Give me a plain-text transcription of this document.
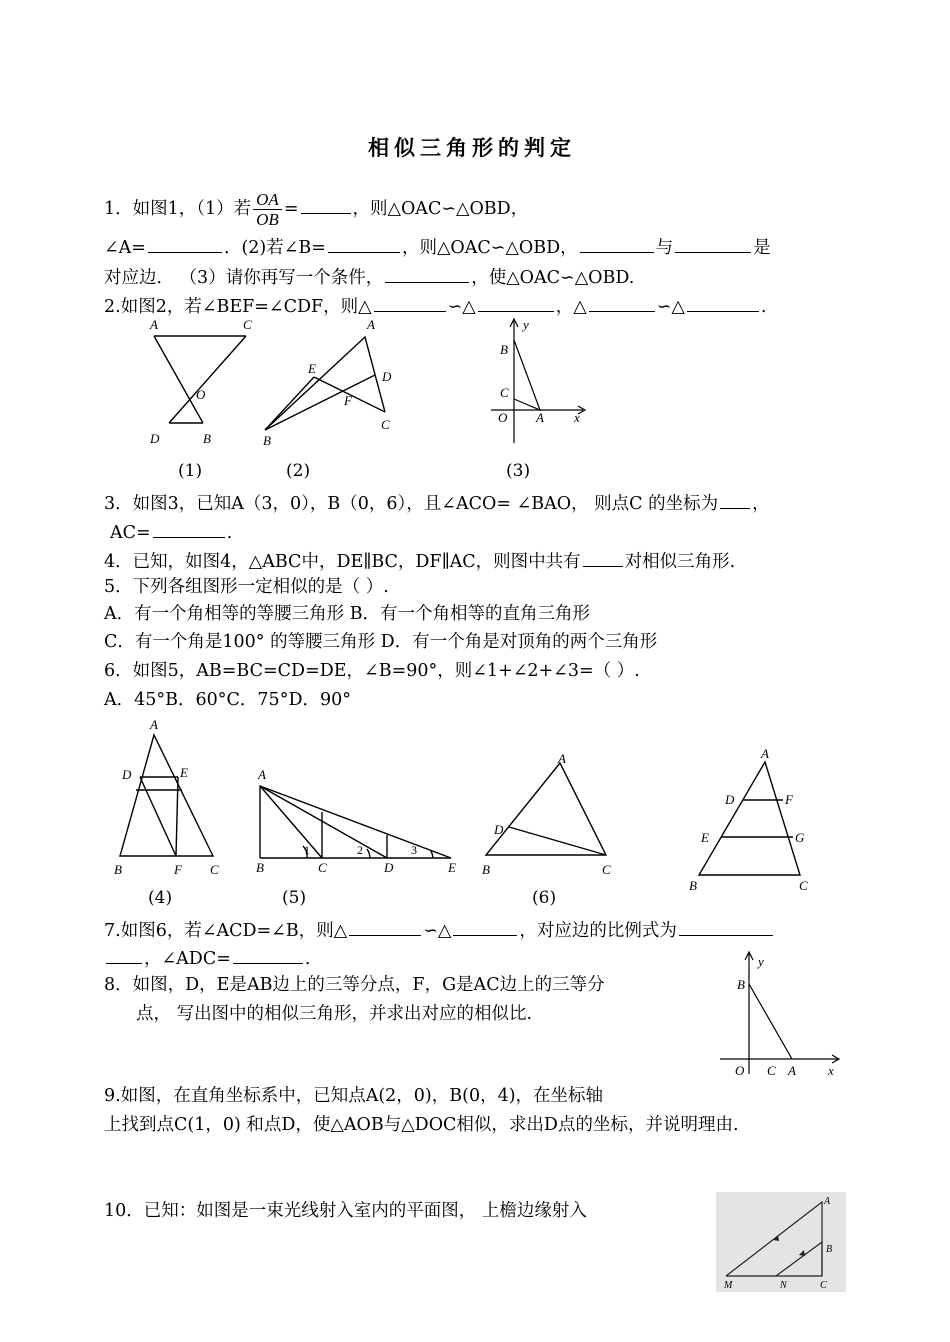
相似三角形的判定
1．如图1，（1）若 $\frac{OA}{OB}$ =	，则△OAC∽△OBD，
∠A=	．(2)若∠B=	，则△OAC∽△OBD，	与	是
对应边． （3）请你再写一个条件，	，使△OAC∽△OBD.
2.如图2，若∠BEF=∠CDF，则△	∽△	，△	∽△	.
A	C
O
D	B
A
E
D
F
B
C
y
B
C
O A x
(1)	(2)	(3)
3．如图3，已知A（3，0），B（0，6），且∠ACO= ∠BAO， 则点C 的坐标为 ，
AC=	.
4．已知，如图4，△ABC中，DE∥BC，DF∥AC，则图中共有	对相似三角形.
5．下列各组图形一定相似的是（ ）.
A．有一个角相等的等腰三角形 B．有一个角相等的直角三角形
C．有一个角是100° 的等腰三角形 D．有一个角是对顶角的两个三角形
6．如图5，AB=BC=CD=DE，∠B=90°，则∠1+∠2+∠3=（ ）.
A．45°B．60°C．75°D．90°
A
D	E
B	F C
A
B	C	D	E
1	2	3
A
D
B	C
A
D	F
E	G
B	C
(4)	(5)	(6)
7.如图6，若∠ACD=∠B，则△	∽△	，对应边的比例式为
，∠ADC=	.
8．如图，D，E是AB边上的三等分点，F，G是AC边上的三等分
点， 写出图中的相似三角形，并求出对应的相似比.
y
B
O C A x
9.如图，在直角坐标系中，已知点A(2，0)，B(0，4)，在坐标轴
上找到点C(1，0) 和点D，使△AOB与△DOC相似，求出D点的坐标，并说明理由.
10．已知：如图是一束光线射入室内的平面图， 上檐边缘射入	A
B
M	N	C
